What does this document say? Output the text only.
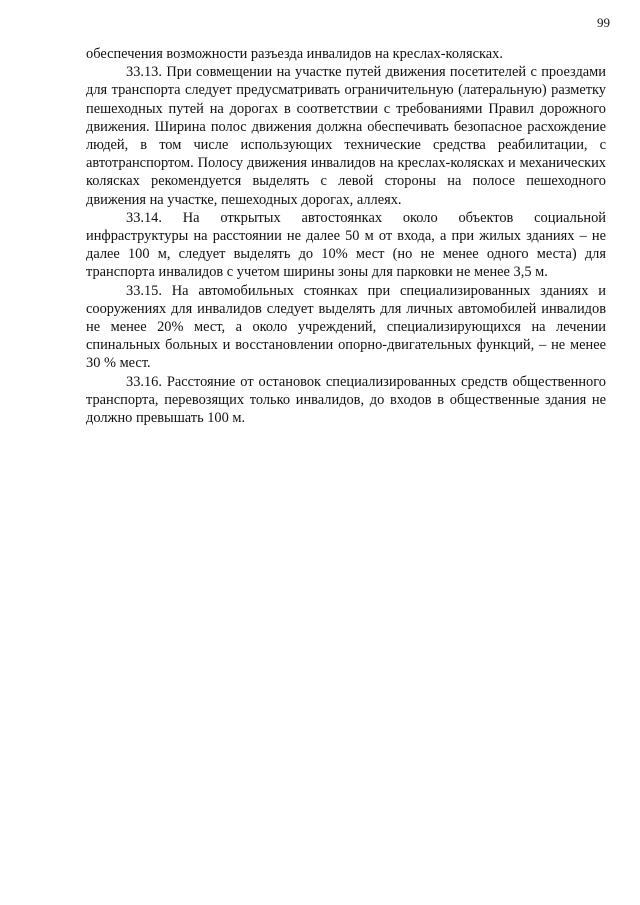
99

обеспечения возможности разъезда инвалидов на креслах-колясках.

33.13. При совмещении на участке путей движения посетителей с проездами для транспорта следует предусматривать ограничительную (латеральную) разметку пешеходных путей на дорогах в соответствии с требованиями Правил дорожного движения. Ширина полос движения должна обеспечивать безопасное расхождение людей, в том числе использующих технические средства реабилитации, с автотранспортом. Полосу движения инвалидов на креслах-колясках и механических колясках рекомендуется выделять с левой стороны на полосе пешеходного движения на участке, пешеходных дорогах, аллеях.

33.14. На открытых автостоянках около объектов социальной инфраструктуры на расстоянии не далее 50 м от входа, а при жилых зданиях – не далее 100 м, следует выделять до 10% мест (но не менее одного места) для транспорта инвалидов с учетом ширины зоны для парковки не менее 3,5 м.

33.15. На автомобильных стоянках при специализированных зданиях и сооружениях для инвалидов следует выделять для личных автомобилей инвалидов не менее 20% мест, а около учреждений, специализирующихся на лечении спинальных больных и восстановлении опорно-двигательных функций, – не менее 30 % мест.

33.16. Расстояние от остановок специализированных средств общественного транспорта, перевозящих только инвалидов, до входов в общественные здания не должно превышать 100 м.
